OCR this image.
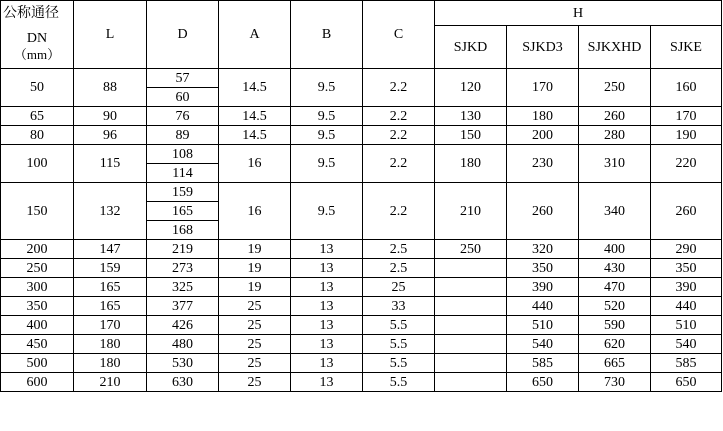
公称通径	L	D	A	B	C	H			

DN
（mm）						SJKD	SJKD3	SJKXHD	SJKE
50	88	57	14.5	9.5	2.2	120	170	250	160
		60							
65	90	76	14.5	9.5	2.2	130	180	260	170
80	96	89	14.5	9.5	2.2	150	200	280	190
100	115	108	16	9.5	2.2	180	230	310	220
		114							
150	132	159	16	9.5	2.2	210	260	340	260
		165							
		168							
200	147	219	19	13	2.5	250	320	400	290
250	159	273	19	13	2.5		350	430	350
300	165	325	19	13	25		390	470	390
350	165	377	25	13	33		440	520	440
400	170	426	25	13	5.5		510	590	510
450	180	480	25	13	5.5		540	620	540
500	180	530	25	13	5.5		585	665	585
600	210	630	25	13	5.5		650	730	650
